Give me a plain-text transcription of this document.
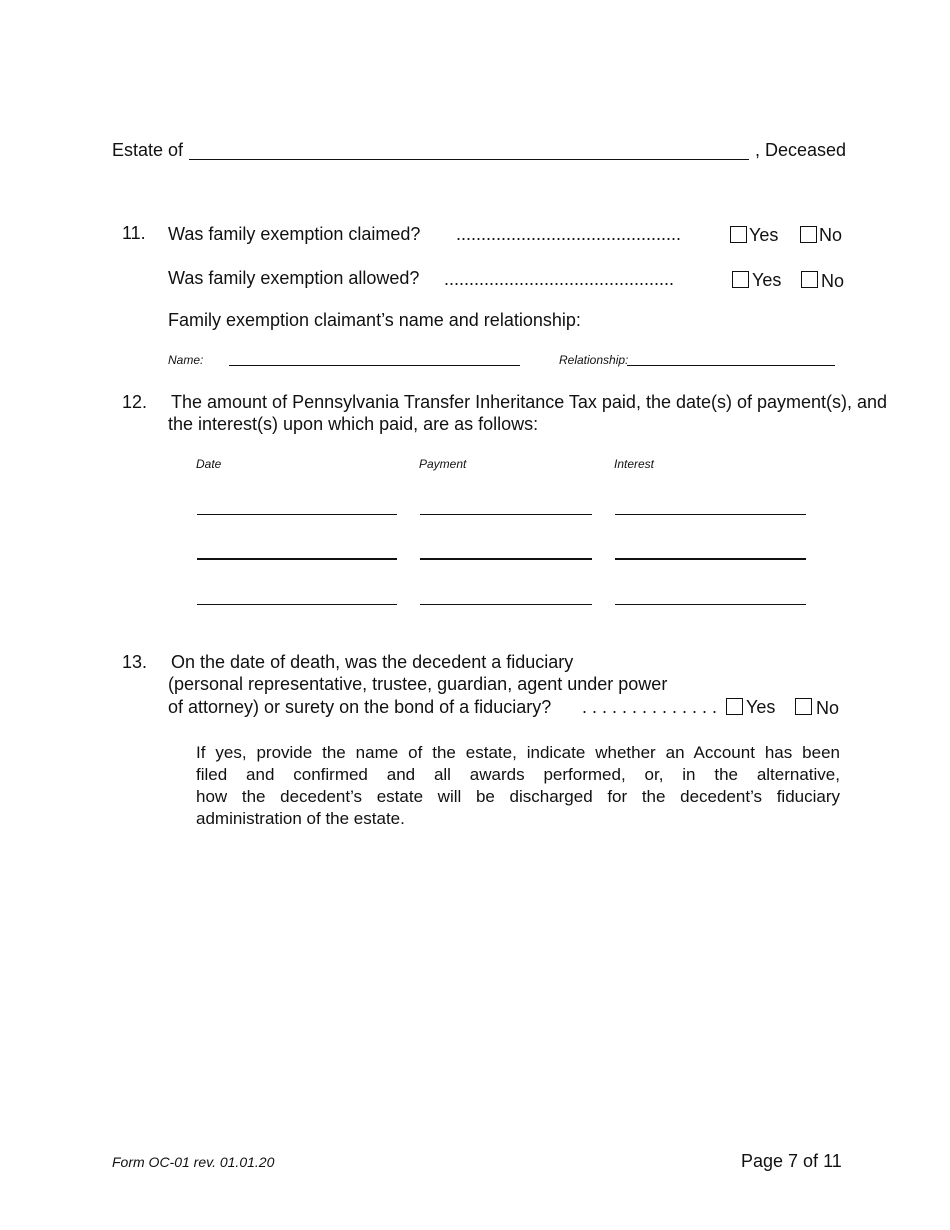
Estate of	, Deceased
11. Was family exemption claimed? .............................................	Yes No
Was family exemption allowed? ..............................................	Yes No
Family exemption claimant’s name and relationship:
Name:	Relationship:
12. The amount of Pennsylvania Transfer Inheritance Tax paid, the date(s) of payment(s), and
the interest(s) upon which paid, are as follows:
Date	Payment	Interest
13. On the date of death, was the decedent a fiduciary
(personal representative, trustee, guardian, agent under power
of attorney) or surety on the bond of a fiduciary? . . . . . . . . . . . . . . Yes No
If yes, provide the name of the estate, indicate whether an Account has been
filed and confirmed and all awards performed, or, in the alternative,
how the decedent’s estate will be discharged for the decedent’s fiduciary
administration of the estate.
Form OC-01 rev. 01.01.20	Page 7 of 11
